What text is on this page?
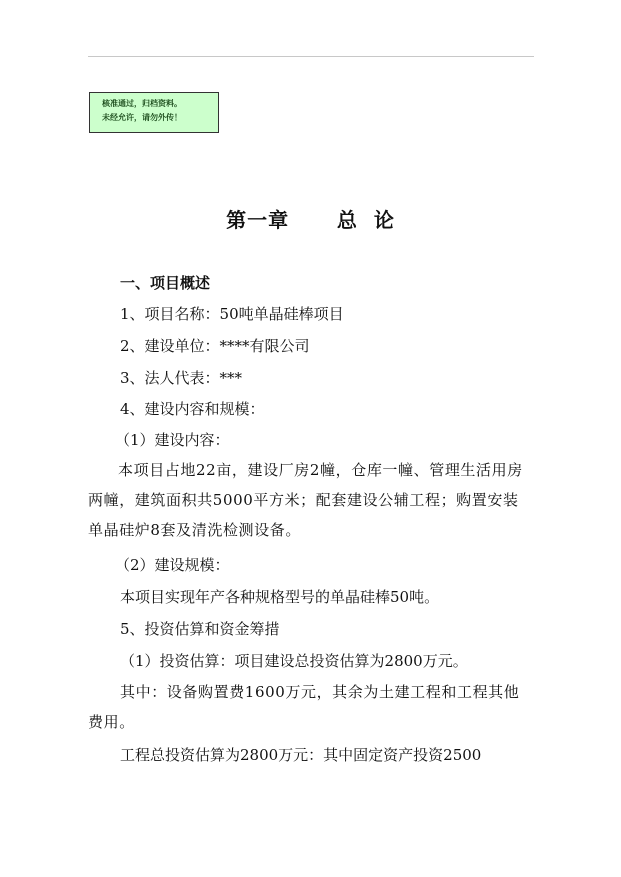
核准通过，归档资料。
未经允许，请勿外传！
第一章      总  论
一、项目概述
1、项目名称：50吨单晶硅棒项目
2、建设单位：****有限公司
3、法人代表：***
4、建设内容和规模：
（1）建设内容：
本项目占地22亩，建设厂房2幢，仓库一幢、管理生活用房两幢，建筑面积共5000平方米；配套建设公辅工程；购置安装单晶硅炉8套及清洗检测设备。
（2）建设规模：
本项目实现年产各种规格型号的单晶硅棒50吨。
5、投资估算和资金筹措
（1）投资估算：项目建设总投资估算为2800万元。
其中：设备购置费1600万元，其余为土建工程和工程其他费用。
工程总投资估算为2800万元：其中固定资产投资2500
